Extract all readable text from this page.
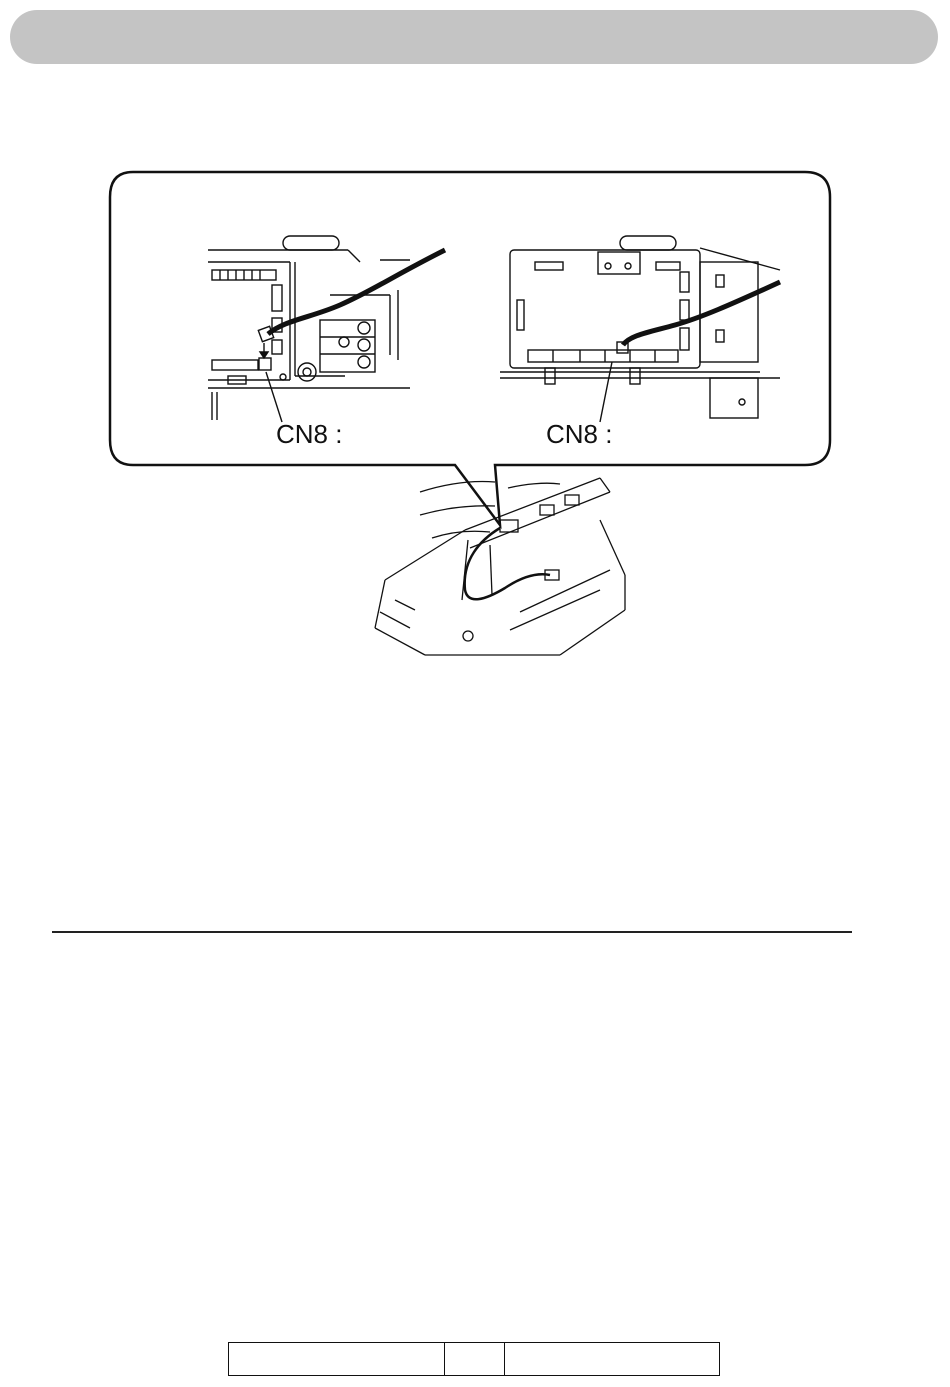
CN8 :	CN8 :
